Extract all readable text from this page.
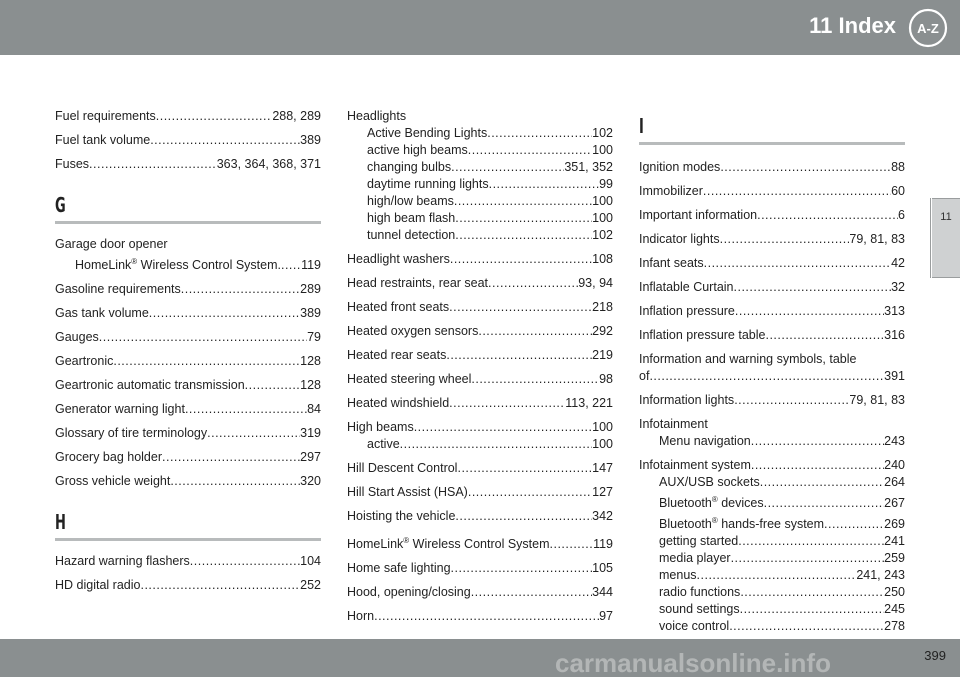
11 Index A-Z
11
Fuel requirements .....	288, 289
Fuel tank volume .....	389
Fuses .....	363, 364, 368, 371
G
Garage door opener
HomeLink® Wireless Control System. ..... 119
Gasoline requirements .....	289
Gas tank volume .....	389
Gauges .....	79
Geartronic .....	128
Geartronic automatic transmission .....	128
Generator warning light .....	84
Glossary of tire terminology .....	319
Grocery bag holder .....	297
Gross vehicle weight .....	320
H
Hazard warning flashers .....	104
HD digital radio .....	252
Headlights
Active Bending Lights .....	102
active high beams .....	100
changing bulbs .....	351, 352
daytime running lights .....	99
high/low beams .....	100
high beam flash .....	100
tunnel detection .....	102
Headlight washers .....	108
Head restraints, rear seat .....	93, 94
Heated front seats .....	218
Heated oxygen sensors .....	292
Heated rear seats .....	219
Heated steering wheel .....	98
Heated windshield .....	113, 221
High beams .....	100
active .....	100
Hill Descent Control .....	147
Hill Start Assist (HSA) .....	127
Hoisting the vehicle .....	342
HomeLink® Wireless Control System .....	119
Home safe lighting .....	105
Hood, opening/closing .....	344
Horn .....	97
I
Ignition modes .....	88
Immobilizer .....	60
Important information .....	6
Indicator lights .....	79, 81, 83
Infant seats .....	42
Inflatable Curtain .....	32
Inflation pressure .....	313
Inflation pressure table .....	316
Information and warning symbols, table
of .....	391
Information lights .....	79, 81, 83
Infotainment
Menu navigation .....	243
Infotainment system .....	240
AUX/USB sockets .....	264
Bluetooth® devices .....	267
Bluetooth® hands-free system .....	269
getting started .....	241
media player .....	259
menus .....	241, 243
radio functions .....	250
sound settings .....	245
voice control .....	278
399
carmanualsonline.info
